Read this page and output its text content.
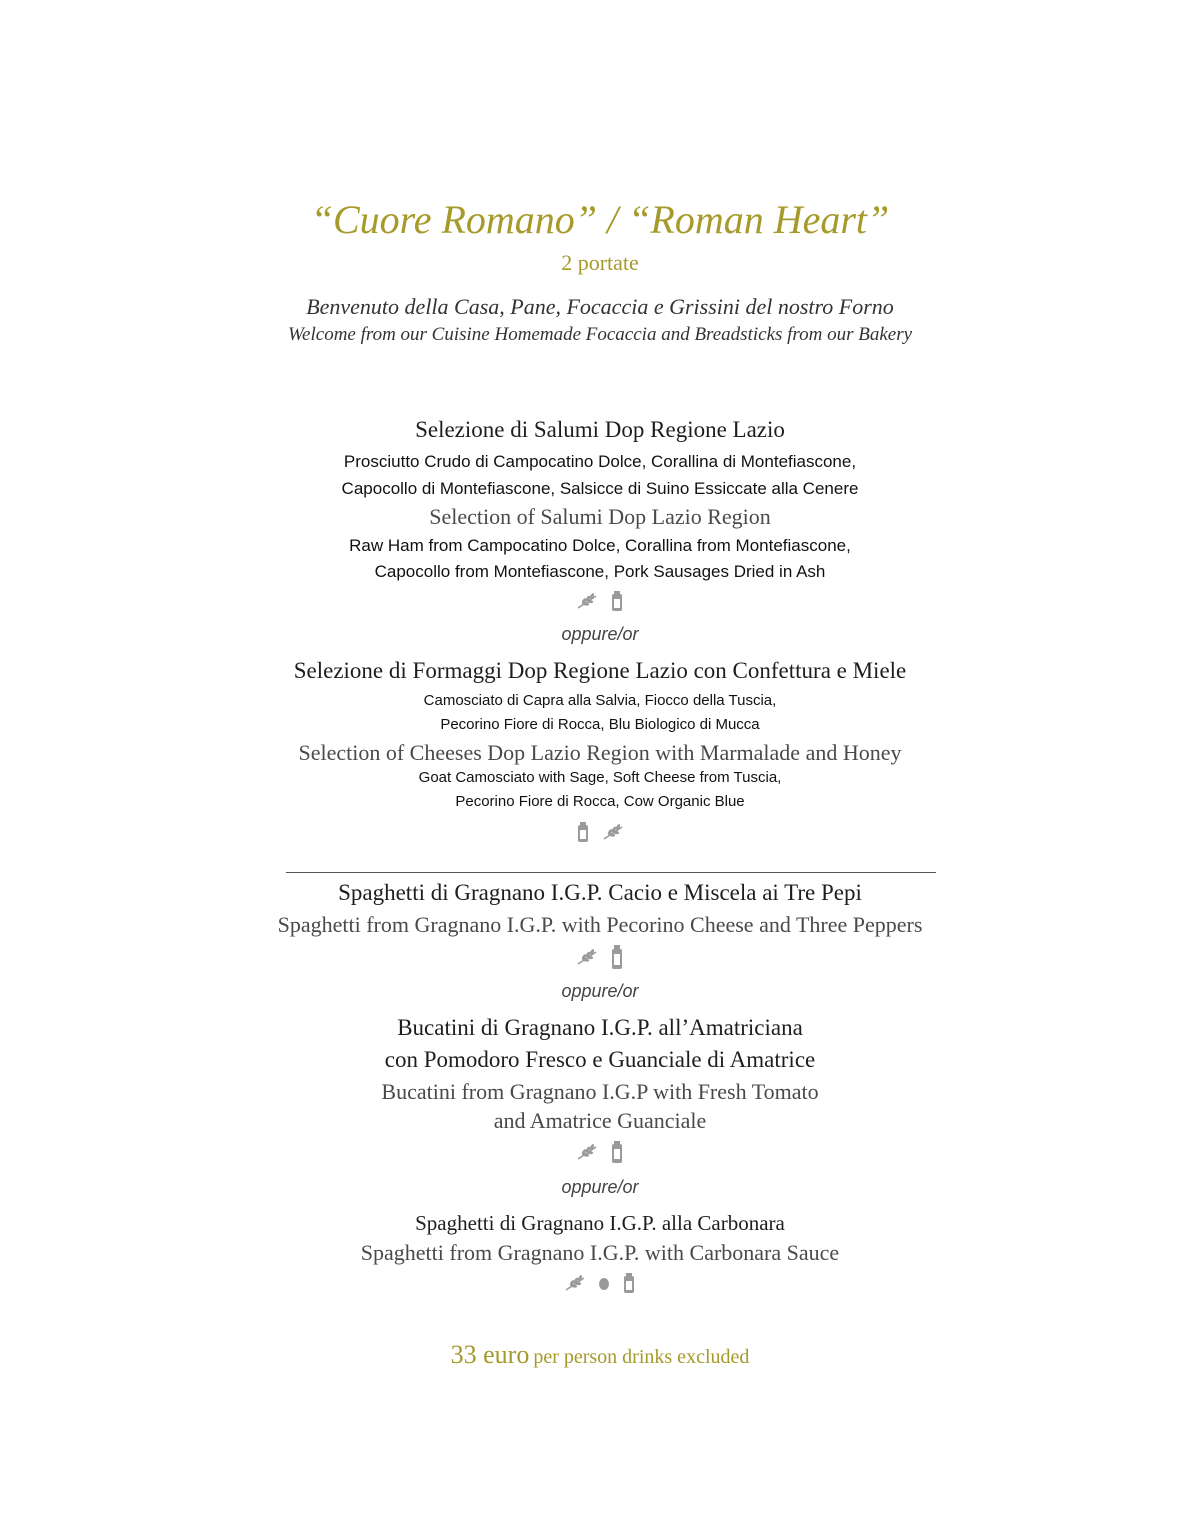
“Cuore Romano” / “Roman Heart”
2 portate
Benvenuto della Casa, Pane, Focaccia e Grissini del nostro Forno
Welcome from our Cuisine Homemade Focaccia and Breadsticks from our Bakery
Selezione di Salumi Dop Regione Lazio
Prosciutto Crudo di Campocatino Dolce, Corallina di Montefiascone,
Capocollo di Montefiascone, Salsicce di Suino Essiccate alla Cenere
Selection of Salumi Dop Lazio Region
Raw Ham from Campocatino Dolce, Corallina from Montefiascone,
Capocollo from Montefiascone, Pork Sausages Dried in Ash
oppure/or
Selezione di Formaggi Dop Regione Lazio con Confettura e Miele
Camosciato di Capra alla Salvia, Fiocco della Tuscia,
Pecorino Fiore di Rocca, Blu Biologico di Mucca
Selection of Cheeses Dop Lazio Region with Marmalade and Honey
Goat Camosciato with Sage, Soft Cheese from Tuscia,
Pecorino Fiore di Rocca, Cow Organic Blue
Spaghetti di Gragnano I.G.P. Cacio e Miscela ai Tre Pepi
Spaghetti from Gragnano I.G.P. with Pecorino Cheese and Three Peppers
oppure/or
Bucatini di Gragnano I.G.P. all’Amatriciana
con Pomodoro Fresco e Guanciale di Amatrice
Bucatini from Gragnano I.G.P with Fresh Tomato
and Amatrice Guanciale
oppure/or
Spaghetti di Gragnano I.G.P. alla Carbonara
Spaghetti from Gragnano I.G.P. with Carbonara Sauce
33 euro per person drinks excluded
